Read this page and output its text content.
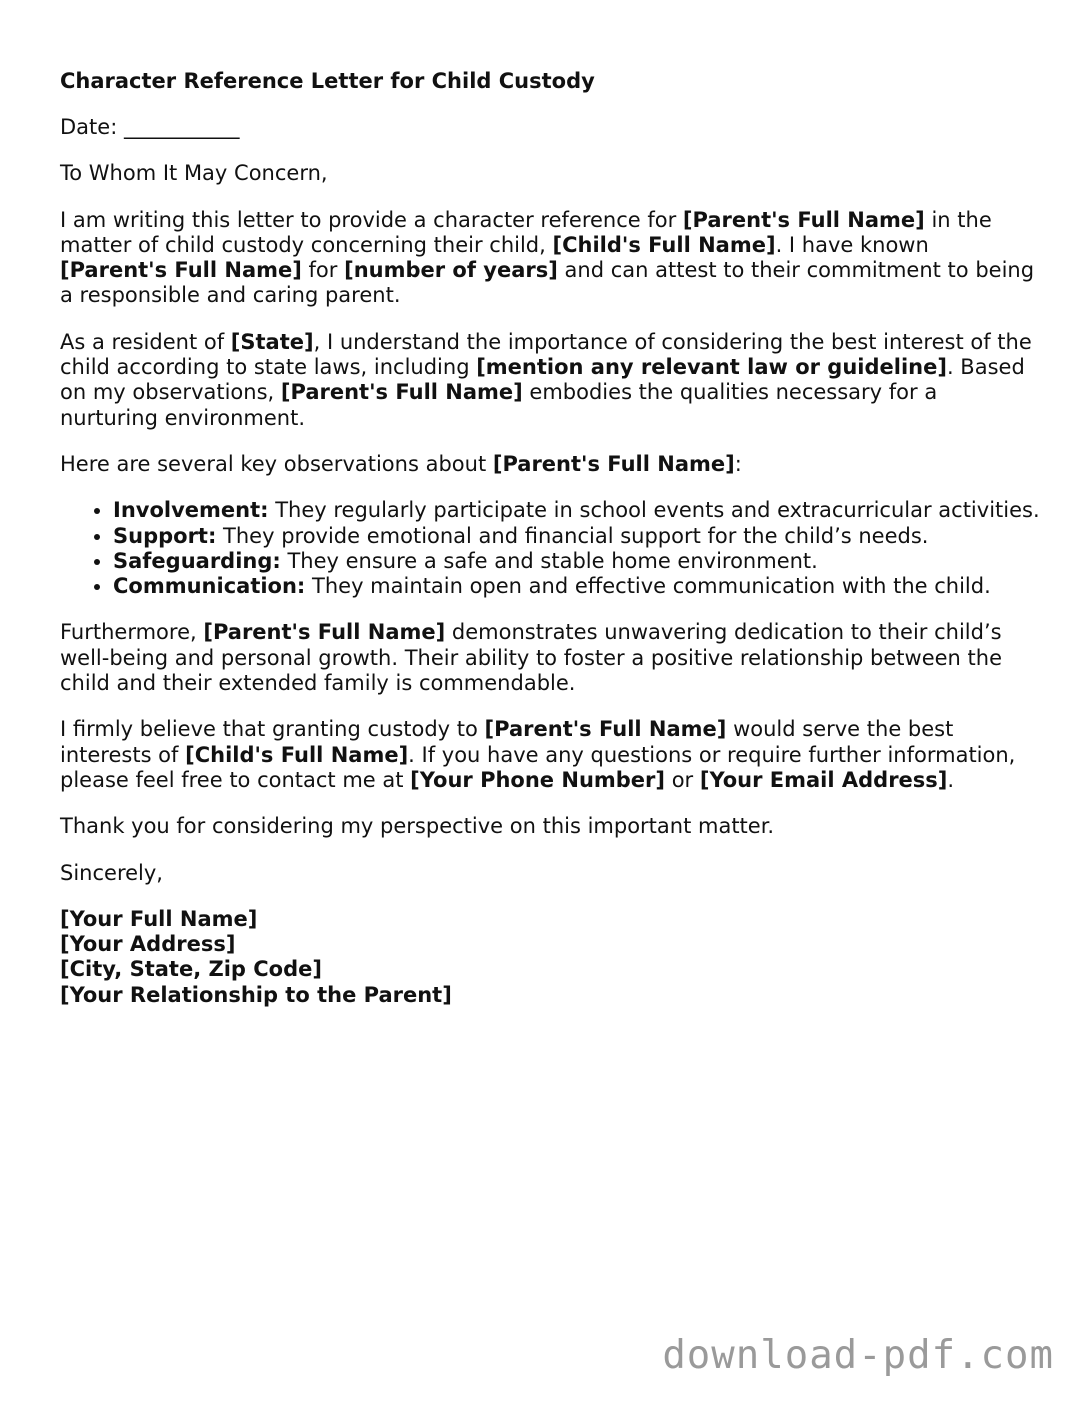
Character Reference Letter for Child Custody

Date: ___________

To Whom It May Concern,

I am writing this letter to provide a character reference for [Parent's Full Name] in the matter of child custody concerning their child, [Child's Full Name]. I have known [Parent's Full Name] for [number of years] and can attest to their commitment to being a responsible and caring parent.

As a resident of [State], I understand the importance of considering the best interest of the child according to state laws, including [mention any relevant law or guideline]. Based on my observations, [Parent's Full Name] embodies the qualities necessary for a nurturing environment.

Here are several key observations about [Parent's Full Name]:

• Involvement: They regularly participate in school events and extracurricular activities.
• Support: They provide emotional and financial support for the child’s needs.
• Safeguarding: They ensure a safe and stable home environment.
• Communication: They maintain open and effective communication with the child.

Furthermore, [Parent's Full Name] demonstrates unwavering dedication to their child’s well-being and personal growth. Their ability to foster a positive relationship between the child and their extended family is commendable.

I firmly believe that granting custody to [Parent's Full Name] would serve the best interests of [Child's Full Name]. If you have any questions or require further information, please feel free to contact me at [Your Phone Number] or [Your Email Address].

Thank you for considering my perspective on this important matter.

Sincerely,

[Your Full Name]
[Your Address]
[City, State, Zip Code]
[Your Relationship to the Parent]
download-pdf.com
